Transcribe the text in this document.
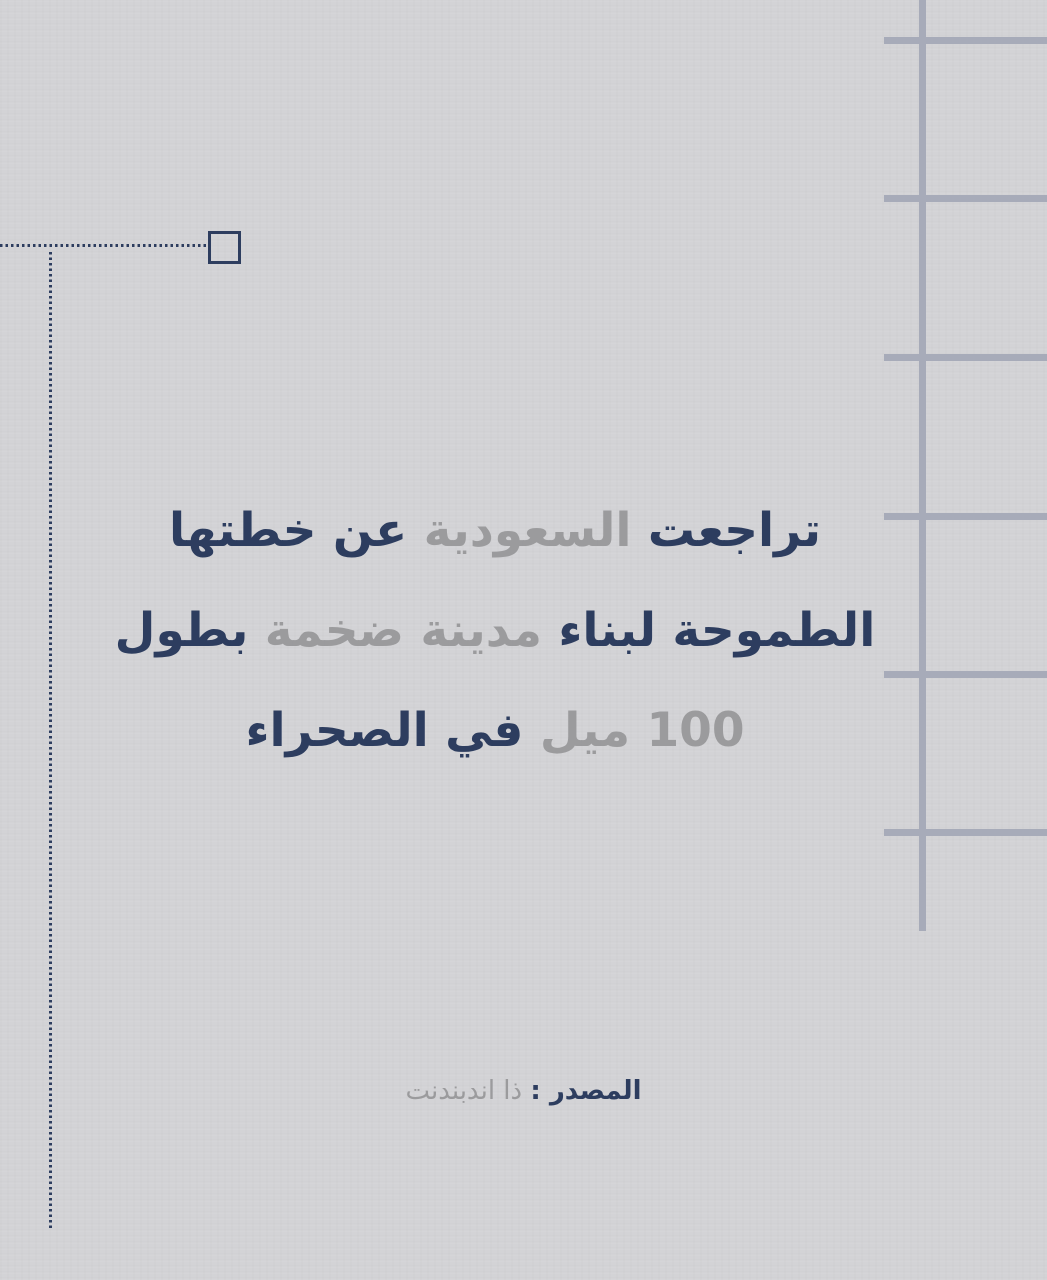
تراجعت السعودية عن خطتها
الطموحة لبناء مدينة ضخمة بطول
100 ميل في الصحراء
المصدر : ذا اندبندنت
